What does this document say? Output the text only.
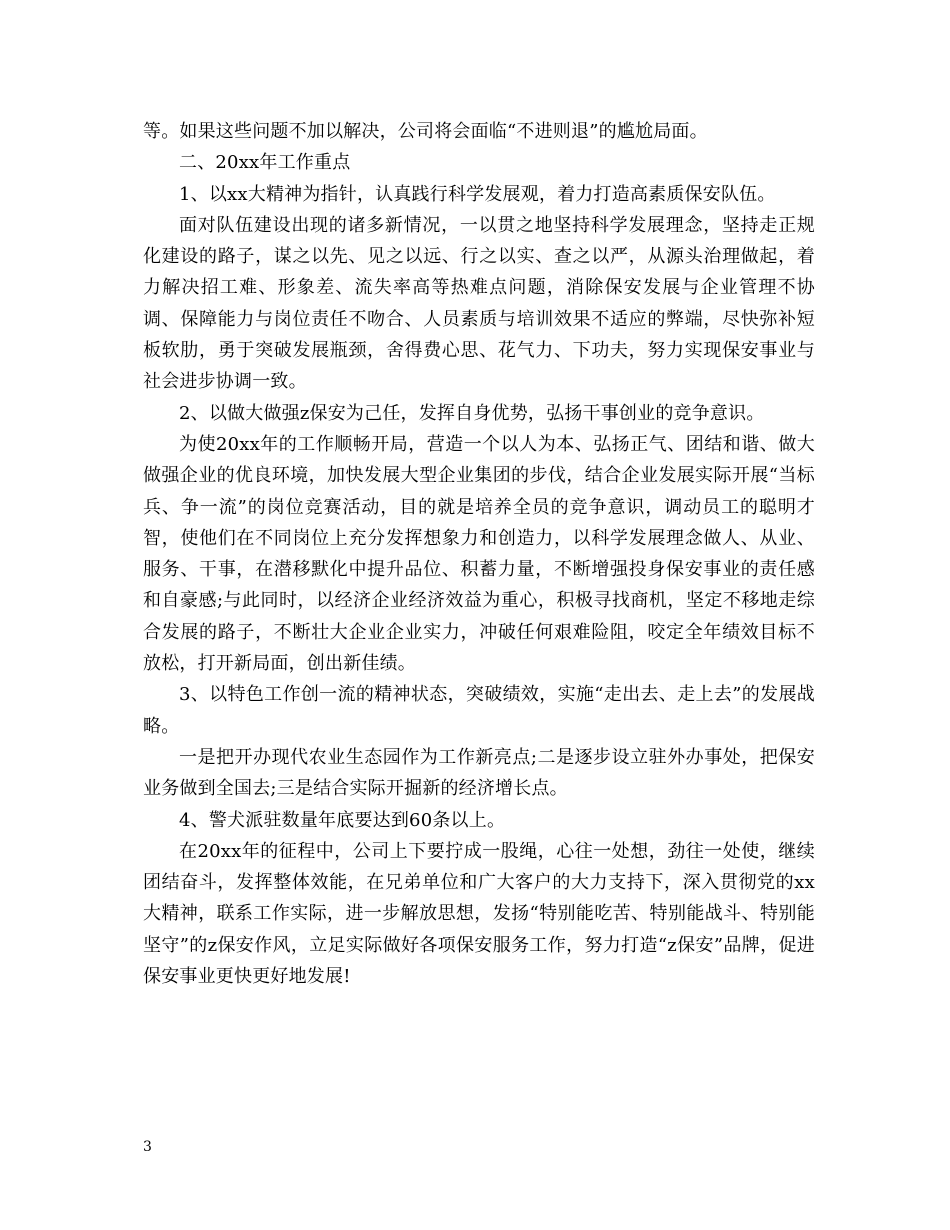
等。如果这些问题不加以解决，公司将会面临“不进则退”的尴尬局面。

二、20xx年工作重点

1、以xx大精神为指针，认真践行科学发展观，着力打造高素质保安队伍。

面对队伍建设出现的诸多新情况，一以贯之地坚持科学发展理念，坚持走正规化建设的路子，谋之以先、见之以远、行之以实、查之以严，从源头治理做起，着力解决招工难、形象差、流失率高等热难点问题，消除保安发展与企业管理不协调、保障能力与岗位责任不吻合、人员素质与培训效果不适应的弊端，尽快弥补短板软肋，勇于突破发展瓶颈，舍得费心思、花气力、下功夫，努力实现保安事业与社会进步协调一致。

2、以做大做强z保安为己任，发挥自身优势，弘扬干事创业的竞争意识。

为使20xx年的工作顺畅开局，营造一个以人为本、弘扬正气、团结和谐、做大做强企业的优良环境，加快发展大型企业集团的步伐，结合企业发展实际开展“当标兵、争一流”的岗位竞赛活动，目的就是培养全员的竞争意识，调动员工的聪明才智，使他们在不同岗位上充分发挥想象力和创造力，以科学发展理念做人、从业、服务、干事，在潜移默化中提升品位、积蓄力量，不断增强投身保安事业的责任感和自豪感;与此同时，以经济企业经济效益为重心，积极寻找商机，坚定不移地走综合发展的路子，不断壮大企业企业实力，冲破任何艰难险阻，咬定全年绩效目标不放松，打开新局面，创出新佳绩。

3、以特色工作创一流的精神状态，突破绩效，实施“走出去、走上去”的发展战略。

一是把开办现代农业生态园作为工作新亮点;二是逐步设立驻外办事处，把保安业务做到全国去;三是结合实际开掘新的经济增长点。

4、警犬派驻数量年底要达到60条以上。

在20xx年的征程中，公司上下要拧成一股绳，心往一处想，劲往一处使，继续团结奋斗，发挥整体效能，在兄弟单位和广大客户的大力支持下，深入贯彻党的xx大精神，联系工作实际，进一步解放思想，发扬“特别能吃苦、特别能战斗、特别能坚守”的z保安作风，立足实际做好各项保安服务工作，努力打造“z保安”品牌，促进保安事业更快更好地发展!

3
